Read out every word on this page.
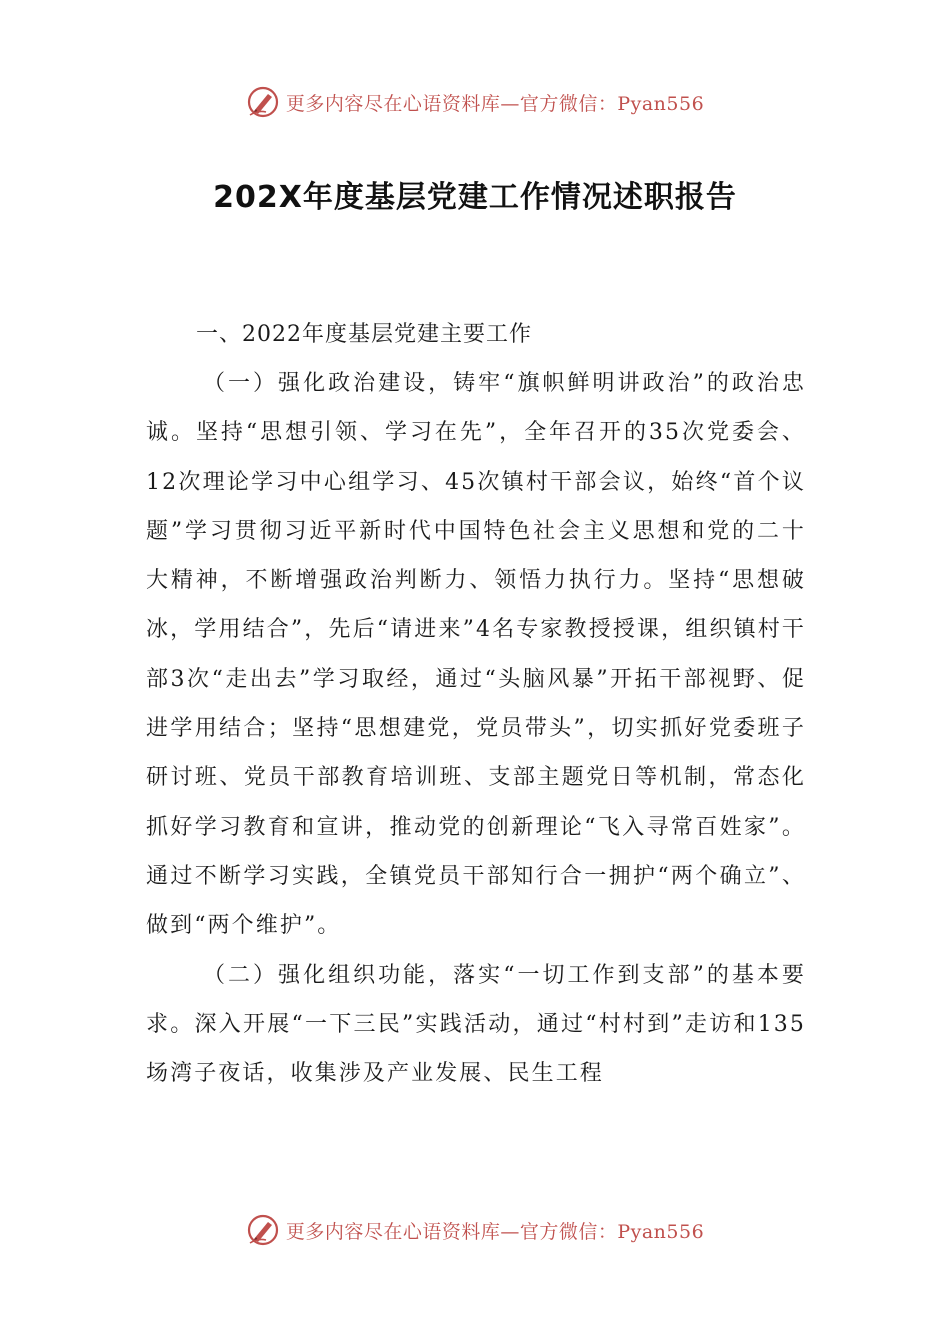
更多内容尽在心语资料库—官方微信：Pyan556
202X年度基层党建工作情况述职报告

一、2022年度基层党建主要工作

（一）强化政治建设，铸牢“旗帜鲜明讲政治”的政治忠诚。坚持“思想引领、学习在先”，全年召开的35次党委会、12次理论学习中心组学习、45次镇村干部会议，始终“首个议题”学习贯彻习近平新时代中国特色社会主义思想和党的二十大精神，不断增强政治判断力、领悟力执行力。坚持“思想破冰，学用结合”，先后“请进来”4名专家教授授课，组织镇村干部3次“走出去”学习取经，通过“头脑风暴”开拓干部视野、促进学用结合；坚持“思想建党，党员带头”，切实抓好党委班子研讨班、党员干部教育培训班、支部主题党日等机制，常态化抓好学习教育和宣讲，推动党的创新理论“飞入寻常百姓家”。通过不断学习实践，全镇党员干部知行合一拥护“两个确立”、做到“两个维护”。

（二）强化组织功能，落实“一切工作到支部”的基本要求。深入开展“一下三民”实践活动，通过“村村到”走访和135场湾子夜话，收集涉及产业发展、民生工程

更多内容尽在心语资料库—官方微信：Pyan556
